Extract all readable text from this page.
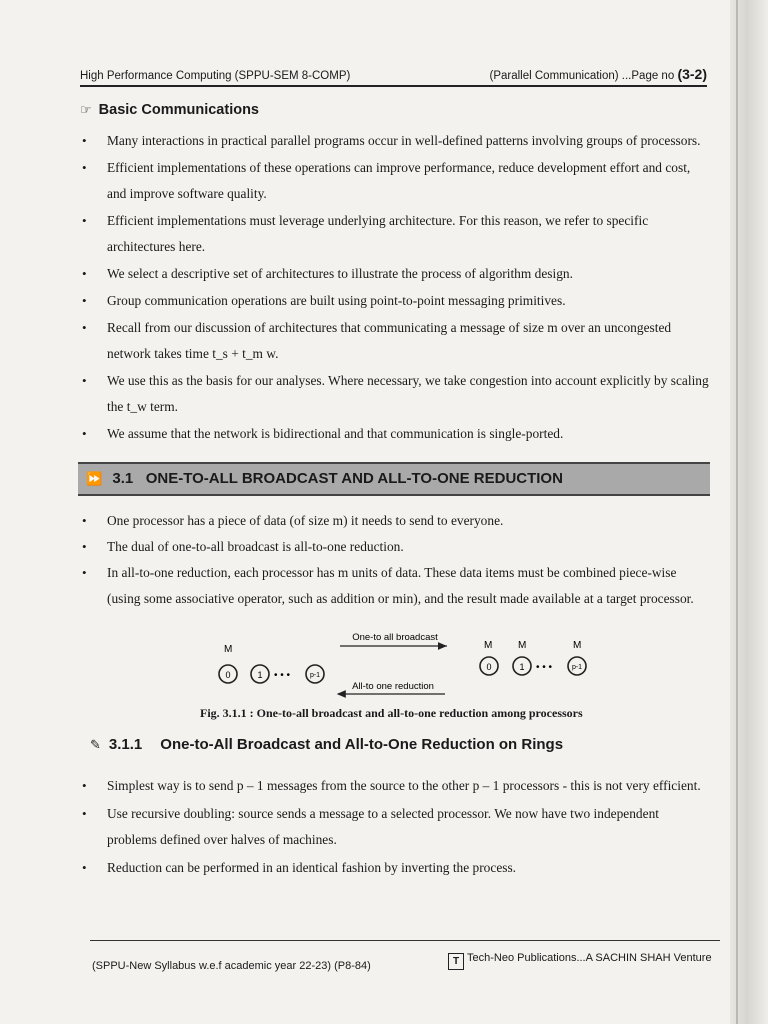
High Performance Computing (SPPU-SEM 8-COMP)	(Parallel Communication) ...Page no (3-2)
☞ Basic Communications
• Many interactions in practical parallel programs occur in well-defined patterns involving groups of processors.
• Efficient implementations of these operations can improve performance, reduce development effort and cost, and improve software quality.
• Efficient implementations must leverage underlying architecture. For this reason, we refer to specific architectures here.
• We select a descriptive set of architectures to illustrate the process of algorithm design.
• Group communication operations are built using point-to-point messaging primitives.
• Recall from our discussion of architectures that communicating a message of size m over an uncongested network takes time t_s + t_m w.
• We use this as the basis for our analyses. Where necessary, we take congestion into account explicitly by scaling the t_w term.
• We assume that the network is bidirectional and that communication is single-ported.
⏩ 3.1 ONE-TO-ALL BROADCAST AND ALL-TO-ONE REDUCTION
• One processor has a piece of data (of size m) it needs to send to everyone.
• The dual of one-to-all broadcast is all-to-one reduction.
• In all-to-one reduction, each processor has m units of data. These data items must be combined piece-wise (using some associative operator, such as addition or min), and the result made available at a target processor.
M
0	1 • • •	p-1
One-to all broadcast
All-to one reduction
M	M	M
0	1 • • •	p-1
Fig. 3.1.1 : One-to-all broadcast and all-to-one reduction among processors
✎ 3.1.1 One-to-All Broadcast and All-to-One Reduction on Rings
• Simplest way is to send p – 1 messages from the source to the other p – 1 processors - this is not very efficient.
• Use recursive doubling: source sends a message to a selected processor. We now have two independent problems defined over halves of machines.
• Reduction can be performed in an identical fashion by inverting the process.
(SPPU-New Syllabus w.e.f academic year 22-23) (P8-84)	T Tech-Neo Publications...A SACHIN SHAH Venture
